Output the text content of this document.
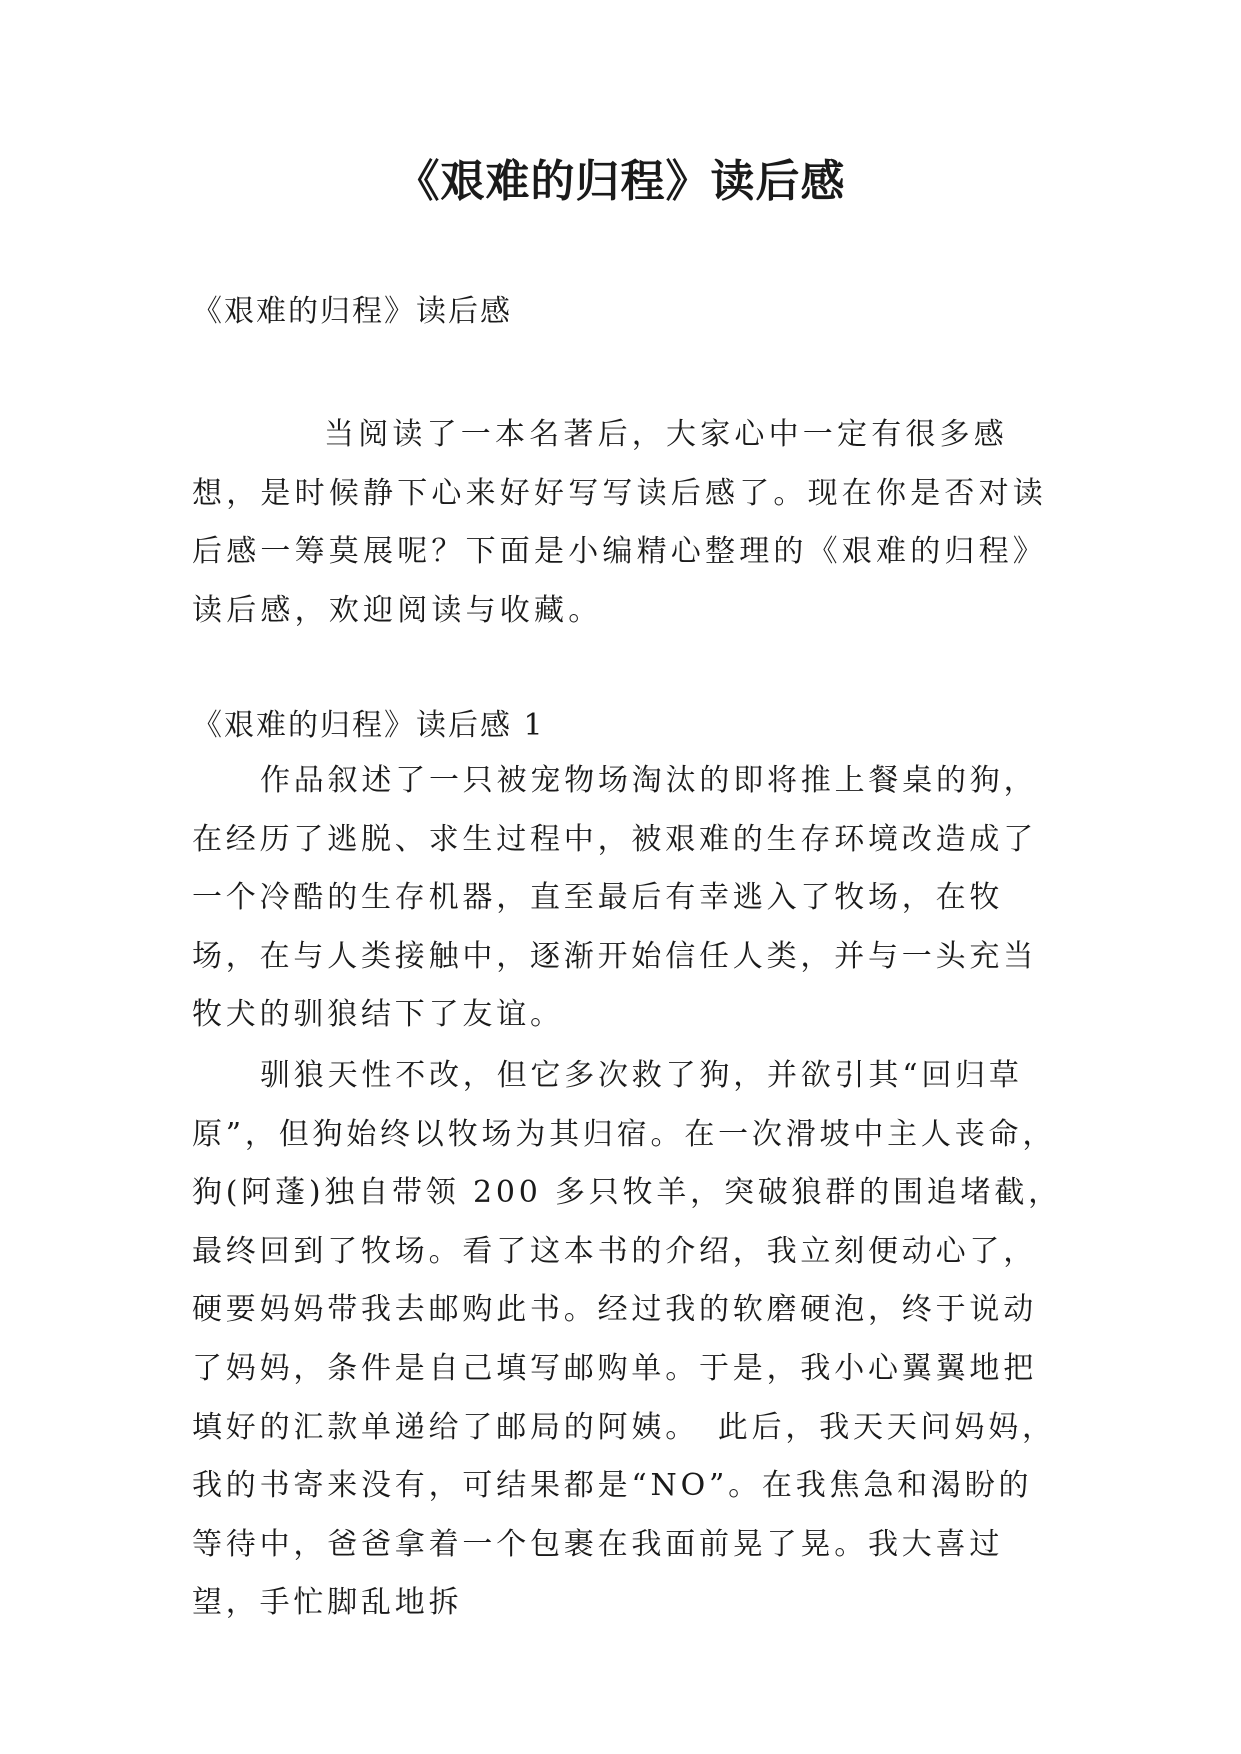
《艰难的归程》读后感
《艰难的归程》读后感
当阅读了一本名著后，大家心中一定有很多感想，是时候静下心来好好写写读后感了。现在你是否对读后感一筹莫展呢？下面是小编精心整理的《艰难的归程》读后感，欢迎阅读与收藏。
《艰难的归程》读后感 1
作品叙述了一只被宠物场淘汰的即将推上餐桌的狗，在经历了逃脱、求生过程中，被艰难的生存环境改造成了一个冷酷的生存机器，直至最后有幸逃入了牧场，在牧场，在与人类接触中，逐渐开始信任人类，并与一头充当牧犬的驯狼结下了友谊。
驯狼天性不改，但它多次救了狗，并欲引其“回归草原”，但狗始终以牧场为其归宿。在一次滑坡中主人丧命，狗(阿蓬)独自带领 200 多只牧羊，突破狼群的围追堵截，最终回到了牧场。看了这本书的介绍，我立刻便动心了，硬要妈妈带我去邮购此书。经过我的软磨硬泡，终于说动了妈妈，条件是自己填写邮购单。于是，我小心翼翼地把填好的汇款单递给了邮局的阿姨。　此后，我天天问妈妈，我的书寄来没有，可结果都是“NO”。在我焦急和渴盼的等待中，爸爸拿着一个包裹在我面前晃了晃。我大喜过望，手忙脚乱地拆
